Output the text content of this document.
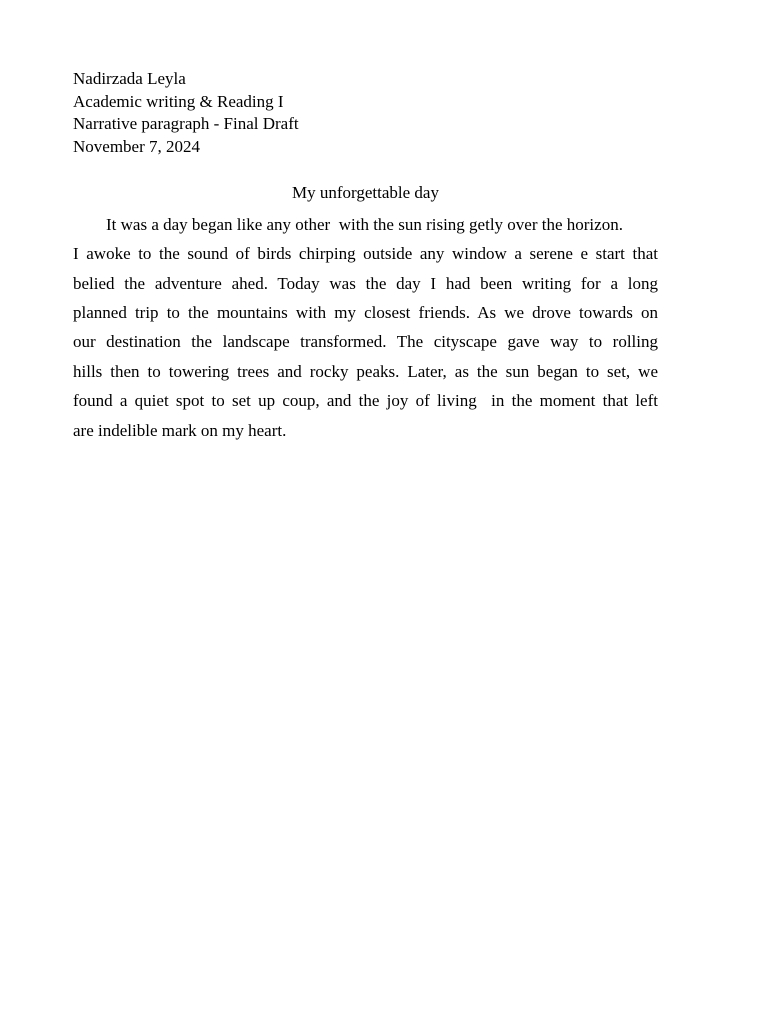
Nadirzada Leyla
Academic writing & Reading I
Narrative paragraph - Final Draft
November 7, 2024
My unforgettable day
It was a day began like any other  with the sun rising getly over the horizon.
I awoke to the sound of birds chirping outside any window a serene e start that
belied the adventure ahed. Today was the day I had been writing for a long
planned trip to the mountains with my closest friends. As we drove towards on
our destination the landscape transformed. The cityscape gave way to rolling
hills then to towering trees and rocky peaks. Later, as the sun began to set, we
found a quiet spot to set up coup, and the joy of living  in the moment that left
are indelible mark on my heart.
